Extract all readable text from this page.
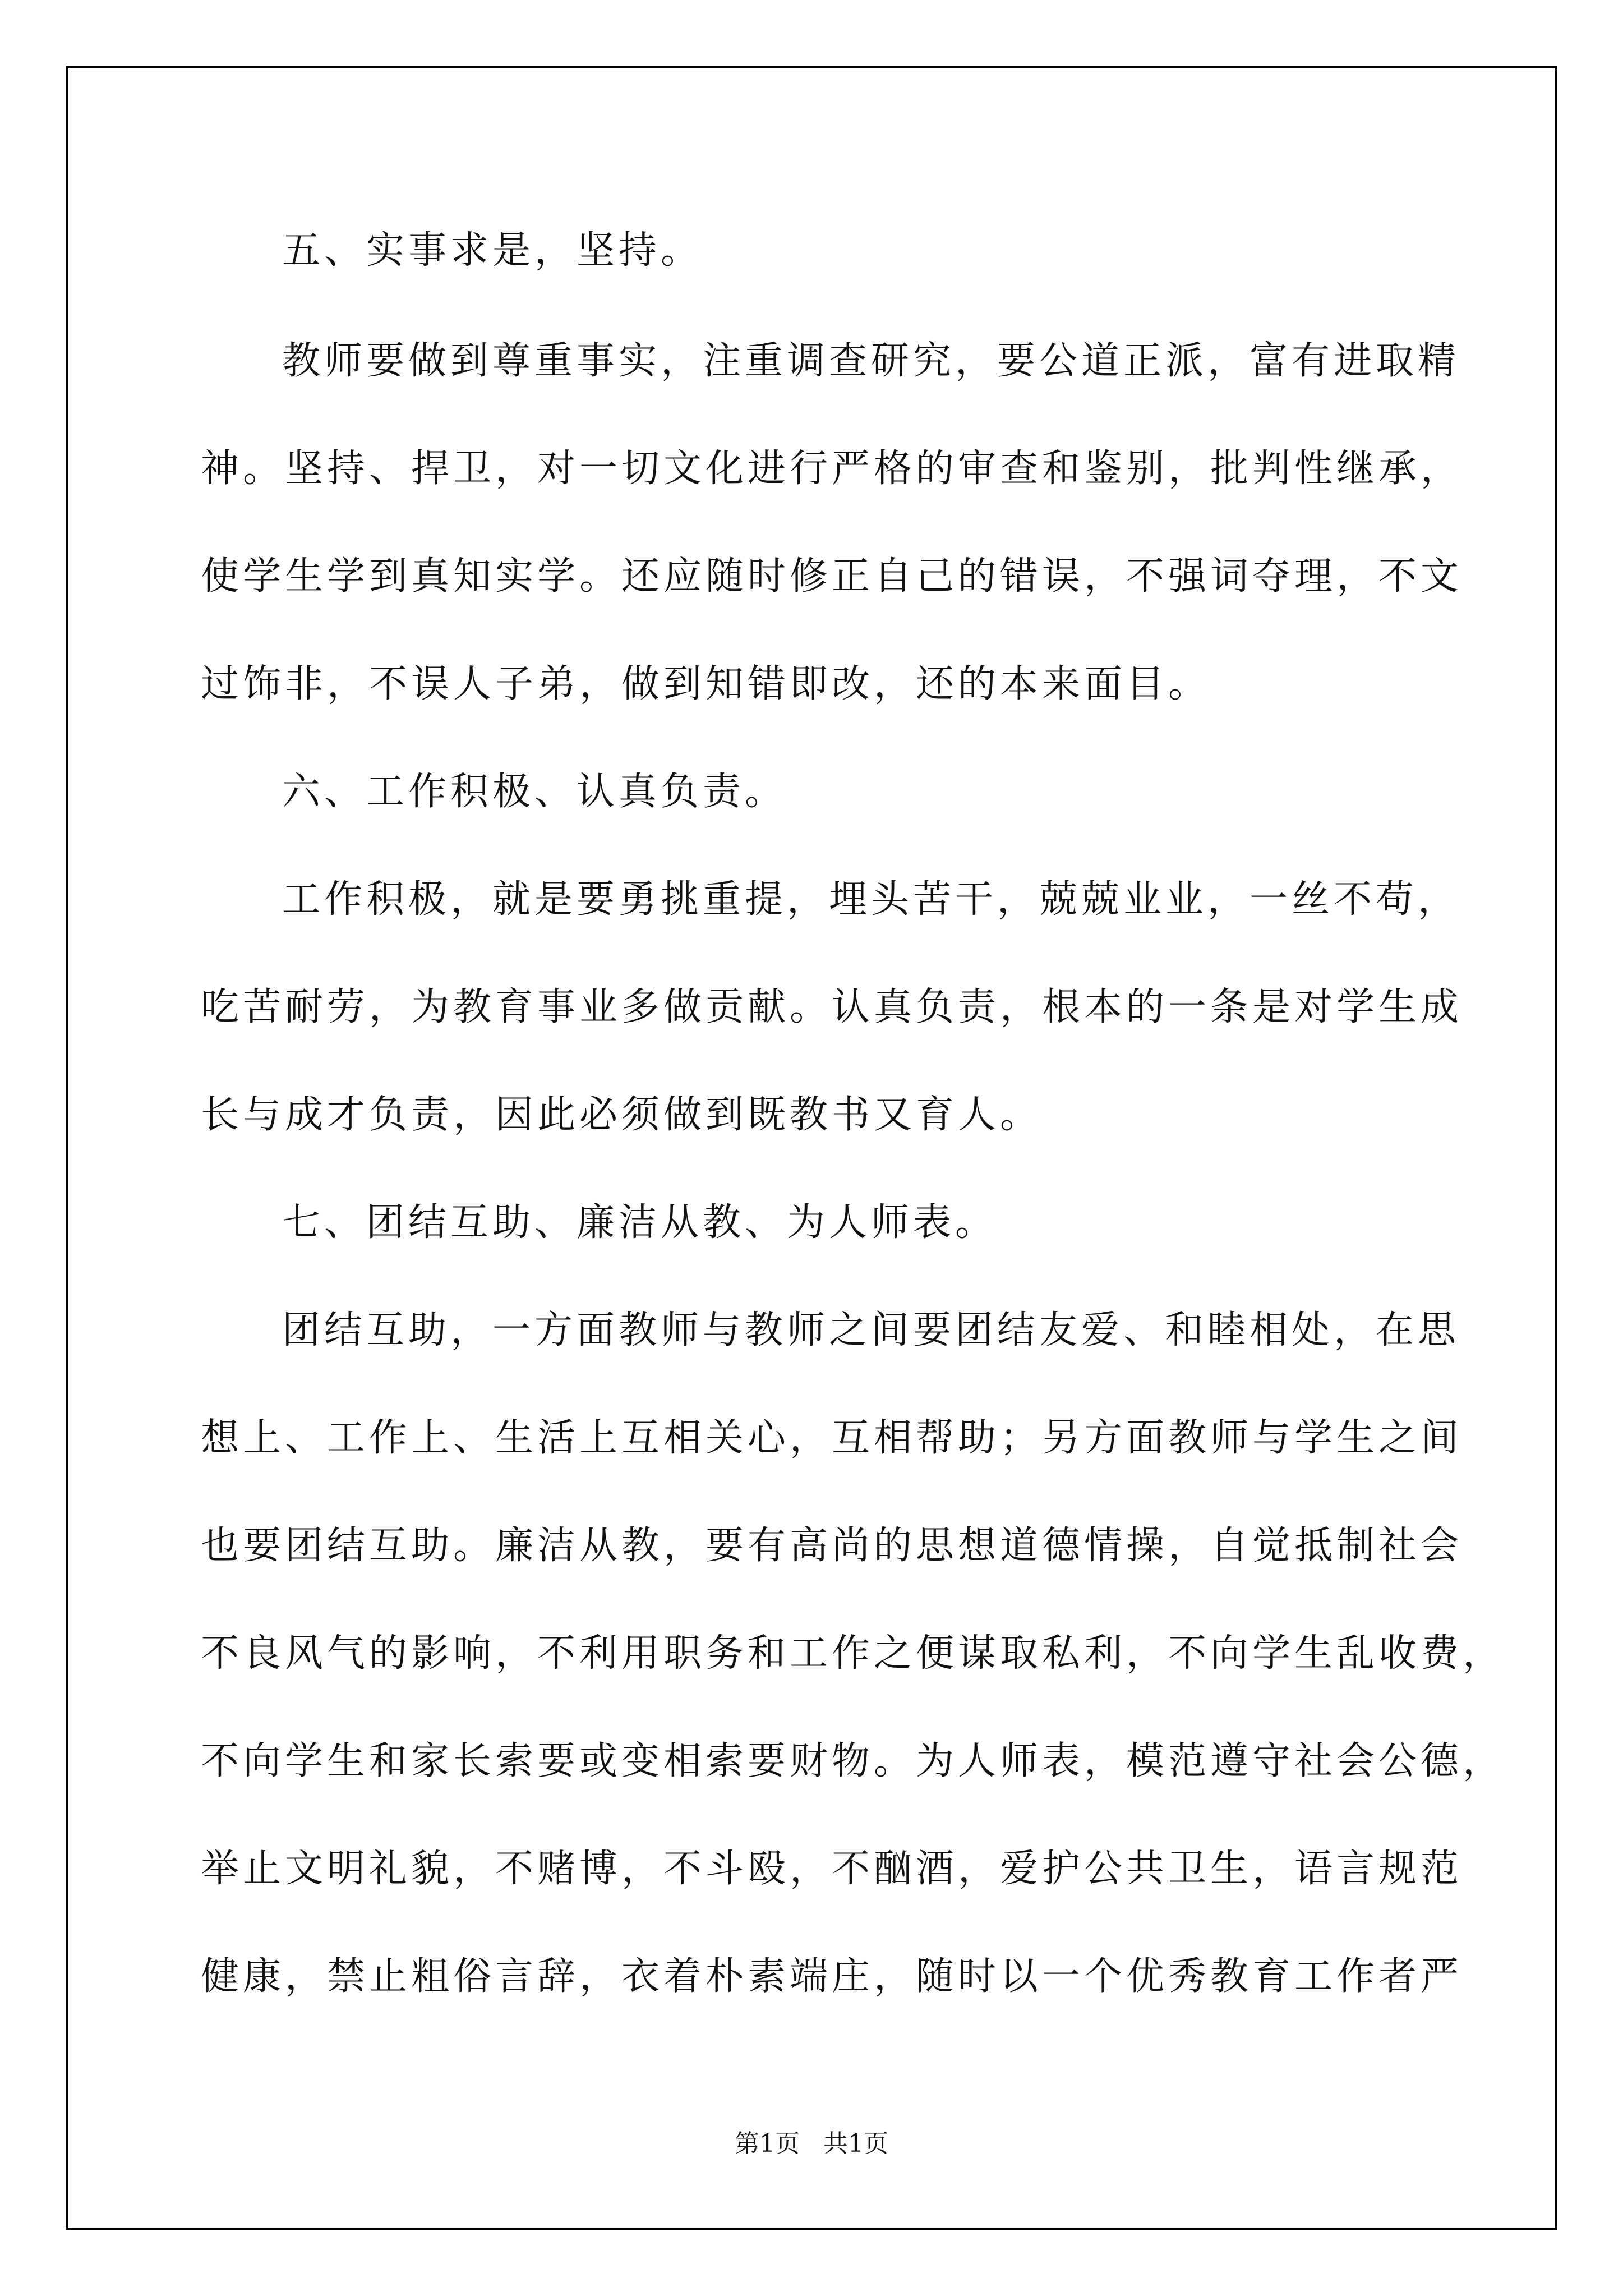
五、实事求是，坚持。
教师要做到尊重事实，注重调查研究，要公道正派，富有进取精
神。坚持、捍卫，对一切文化进行严格的审查和鉴别，批判性继承，
使学生学到真知实学。还应随时修正自己的错误，不强词夺理，不文
过饰非，不误人子弟，做到知错即改，还的本来面目。
六、工作积极、认真负责。
工作积极，就是要勇挑重提，埋头苦干，兢兢业业，一丝不苟，
吃苦耐劳，为教育事业多做贡献。认真负责，根本的一条是对学生成
长与成才负责，因此必须做到既教书又育人。
七、团结互助、廉洁从教、为人师表。
团结互助，一方面教师与教师之间要团结友爱、和睦相处，在思
想上、工作上、生活上互相关心，互相帮助；另方面教师与学生之间
也要团结互助。廉洁从教，要有高尚的思想道德情操，自觉抵制社会
不良风气的影响，不利用职务和工作之便谋取私利，不向学生乱收费，
不向学生和家长索要或变相索要财物。为人师表，模范遵守社会公德，
举止文明礼貌，不赌博，不斗殴，不酗酒，爱护公共卫生，语言规范
健康，禁止粗俗言辞，衣着朴素端庄，随时以一个优秀教育工作者严
第1页   共1页
